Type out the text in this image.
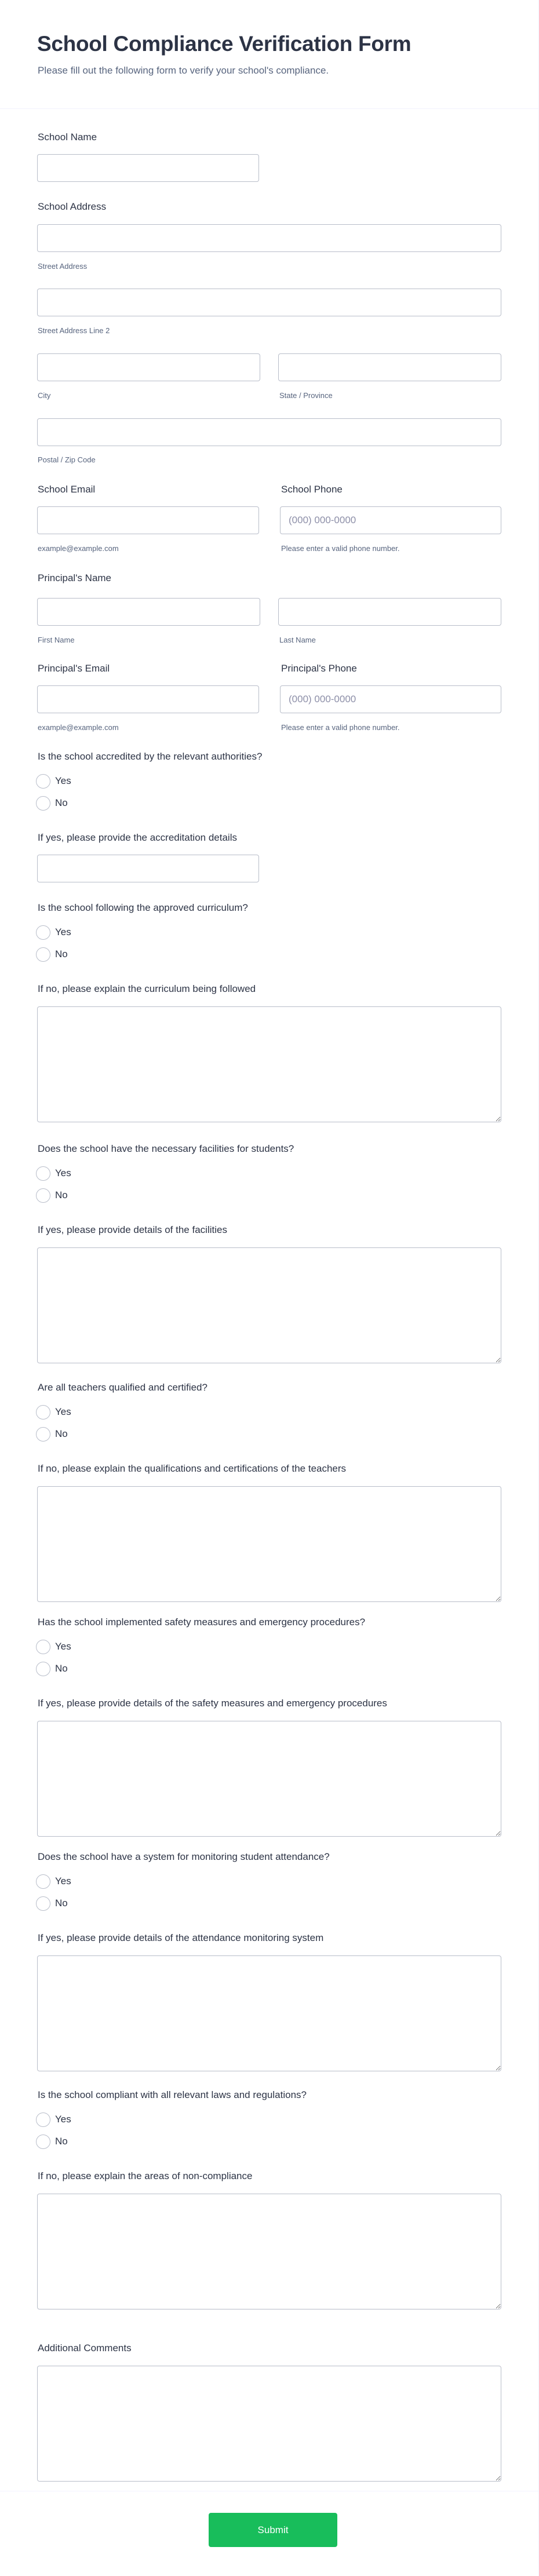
School Compliance Verification Form

Please fill out the following form to verify your school's compliance.

School Name
School Address
Street Address
Street Address Line 2
City	State / Province
Postal / Zip Code
School Email
example@example.com
School Phone
(000) 000-0000
Please enter a valid phone number.
Principal's Name
First Name	Last Name
Principal's Email
example@example.com
Principal's Phone
(000) 000-0000
Please enter a valid phone number.
Is the school accredited by the relevant authorities?
Yes
No
If yes, please provide the accreditation details
Is the school following the approved curriculum?
Yes
No
If no, please explain the curriculum being followed
Does the school have the necessary facilities for students?
Yes
No
If yes, please provide details of the facilities
Are all teachers qualified and certified?
Yes
No
If no, please explain the qualifications and certifications of the teachers
Has the school implemented safety measures and emergency procedures?
Yes
No
If yes, please provide details of the safety measures and emergency procedures
Does the school have a system for monitoring student attendance?
Yes
No
If yes, please provide details of the attendance monitoring system
Is the school compliant with all relevant laws and regulations?
Yes
No
If no, please explain the areas of non-compliance
Additional Comments
Submit
